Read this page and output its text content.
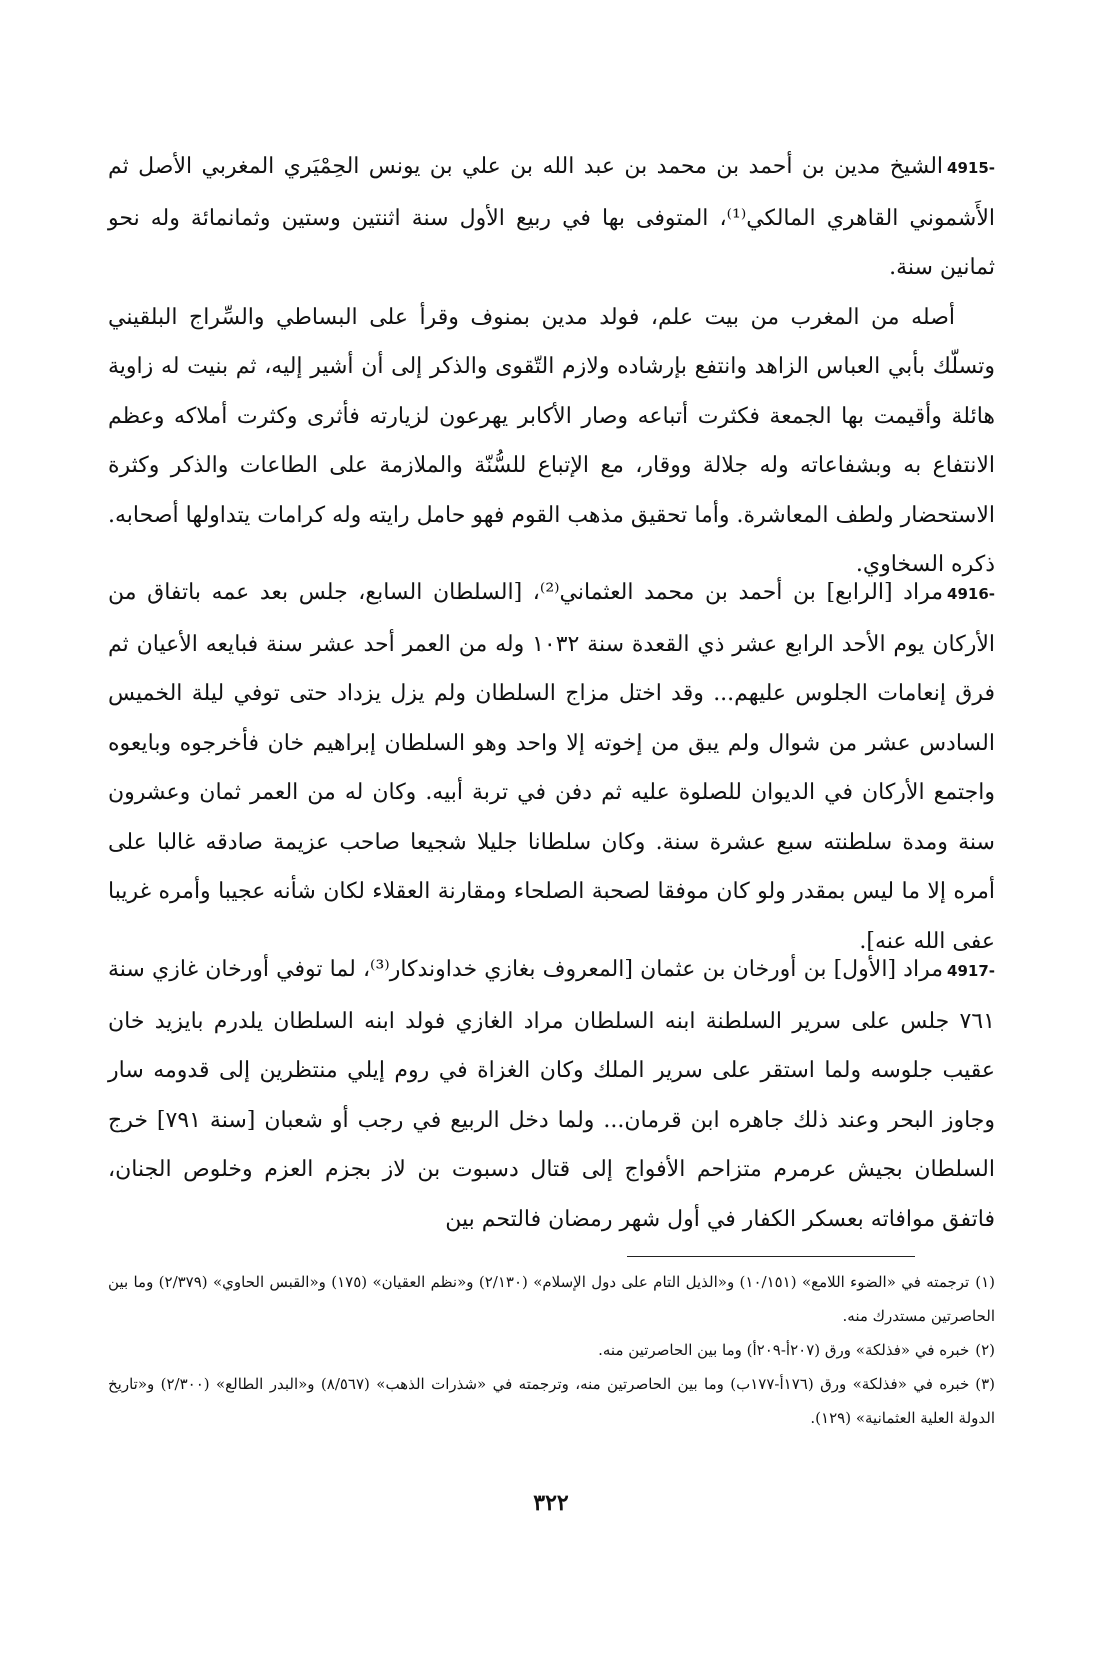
4915-الشيخ مدين بن أحمد بن محمد بن عبد الله بن علي بن يونس الحِمْيَري المغربي الأصل ثم الأَشموني القاهري المالكي⁽¹⁾، المتوفى بها في ربيع الأول سنة اثنتين وستين وثمانمائة وله نحو ثمانين سنة.

أصله من المغرب من بيت علم، فولد مدين بمنوف وقرأ على البساطي والسِّراج البلقيني وتسلّك بأبي العباس الزاهد وانتفع بإرشاده ولازم التّقوى والذكر إلى أن أشير إليه، ثم بنيت له زاوية هائلة وأقيمت بها الجمعة فكثرت أتباعه وصار الأكابر يهرعون لزيارته فأثرى وكثرت أملاكه وعظم الانتفاع به وبشفاعاته وله جلالة ووقار، مع الإتباع للسُّنّة والملازمة على الطاعات والذكر وكثرة الاستحضار ولطف المعاشرة. وأما تحقيق مذهب القوم فهو حامل رايته وله كرامات يتداولها أصحابه. ذكره السخاوي.

4916-مراد [الرابع] بن أحمد بن محمد العثماني⁽²⁾، [السلطان السابع، جلس بعد عمه باتفاق من الأركان يوم الأحد الرابع عشر ذي القعدة سنة ١٠٣٢ وله من العمر أحد عشر سنة فبايعه الأعيان ثم فرق إنعامات الجلوس عليهم... وقد اختل مزاج السلطان ولم يزل يزداد حتى توفي ليلة الخميس السادس عشر من شوال ولم يبق من إخوته إلا واحد وهو السلطان إبراهيم خان فأخرجوه وبايعوه واجتمع الأركان في الديوان للصلوة عليه ثم دفن في تربة أبيه. وكان له من العمر ثمان وعشرون سنة ومدة سلطنته سبع عشرة سنة. وكان سلطانا جليلا شجيعا صاحب عزيمة صادقه غالبا على أمره إلا ما ليس بمقدر ولو كان موفقا لصحبة الصلحاء ومقارنة العقلاء لكان شأنه عجيبا وأمره غريبا عفى الله عنه].

4917-مراد [الأول] بن أورخان بن عثمان [المعروف بغازي خداوندكار⁽³⁾، لما توفي أورخان غازي سنة ٧٦١ جلس على سرير السلطنة ابنه السلطان مراد الغازي فولد ابنه السلطان يلدرم بايزيد خان عقيب جلوسه ولما استقر على سرير الملك وكان الغزاة في روم إيلي منتظرين إلى قدومه سار وجاوز البحر وعند ذلك جاهره ابن قرمان... ولما دخل الربيع في رجب أو شعبان [سنة ٧٩١] خرج السلطان بجيش عرمرم متزاحم الأفواج إلى قتال دسبوت بن لاز بجزم العزم وخلوص الجنان، فاتفق موافاته بعسكر الكفار في أول شهر رمضان فالتحم بين

(١)ترجمته في «الضوء اللامع» (١٠/١٥١) و«الذيل التام على دول الإسلام» (٢/١٣٠) و«نظم العقيان» (١٧٥) و«القبس الحاوي» (٢/٣٧٩) وما بين الحاصرتين مستدرك منه.

(٢)خبره في «فذلكة» ورق (٢٠٧أ-٢٠٩أ) وما بين الحاصرتين منه.

(٣)خبره في «فذلكة» ورق (١٧٦أ-١٧٧ب) وما بين الحاصرتين منه، وترجمته في «شذرات الذهب» (٨/٥٦٧) و«البدر الطالع» (٢/٣٠٠) و«تاريخ الدولة العلية العثمانية» (١٢٩).

٣٢٢
